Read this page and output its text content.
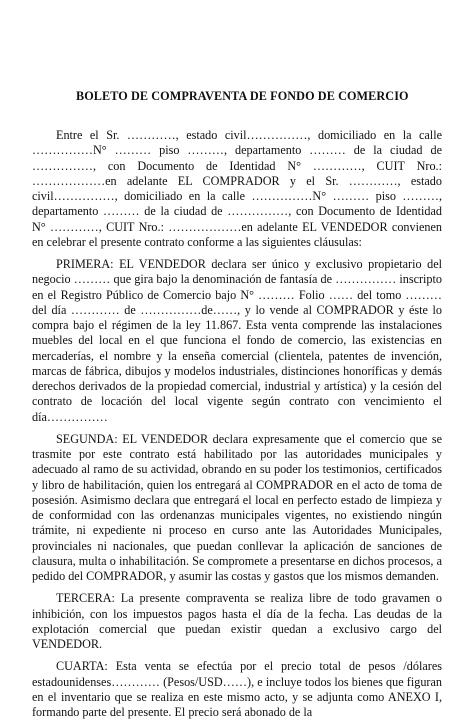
BOLETO DE COMPRAVENTA DE FONDO DE COMERCIO

Entre el Sr. …………, estado civil……………, domiciliado en la calle ……………N° ……… piso ………, departamento ……… de la ciudad de ……………, con Documento de Identidad N° …………, CUIT Nro.: ………………en adelante EL COMPRADOR y el Sr. …………, estado civil……………, domiciliado en la calle ……………N° ……… piso ………, departamento ……… de la ciudad de ……………, con Documento de Identidad N° …………, CUIT Nro.: ………………en adelante EL VENDEDOR convienen en celebrar el presente contrato conforme a las siguientes cláusulas:

PRIMERA: EL VENDEDOR declara ser único y exclusivo propietario del negocio ……… que gira bajo la denominación de fantasía de …………… inscripto en el Registro Público de Comercio bajo N° ……… Folio …… del tomo ……… del día ………… de ……………de……, y lo vende al COMPRADOR y éste lo compra bajo el régimen de la ley 11.867. Esta venta comprende las instalaciones muebles del local en el que funciona el fondo de comercio, las existencias en mercaderías, el nombre y la enseña comercial (clientela, patentes de invención, marcas de fábrica, dibujos y modelos industriales, distinciones honoríficas y demás derechos derivados de la propiedad comercial, industrial y artística) y la cesión del contrato de locación del local vigente según contrato con vencimiento el día……………

SEGUNDA: EL VENDEDOR declara expresamente que el comercio que se trasmite por este contrato está habilitado por las autoridades municipales y adecuado al ramo de su actividad, obrando en su poder los testimonios, certificados y libro de habilitación, quien los entregará al COMPRADOR en el acto de toma de posesión. Asimismo declara que entregará el local en perfecto estado de limpieza y de conformidad con las ordenanzas municipales vigentes, no existiendo ningún trámite, ni expediente ni proceso en curso ante las Autoridades Municipales, provinciales ni nacionales, que puedan conllevar la aplicación de sanciones de clausura, multa o inhabilitación. Se compromete a presentarse en dichos procesos, a pedido del COMPRADOR, y asumir las costas y gastos que los mismos demanden.

TERCERA: La presente compraventa se realiza libre de todo gravamen o inhibición, con los impuestos pagos hasta el día de la fecha. Las deudas de la explotación comercial que puedan existir quedan a exclusivo cargo del VENDEDOR.

CUARTA: Esta venta se efectúa por el precio total de pesos /dólares estadounidenses………… (Pesos/USD……), e incluye todos los bienes que figuran en el inventario que se realiza en este mismo acto, y se adjunta como ANEXO I, formando parte del presente. El precio será abonado de la
